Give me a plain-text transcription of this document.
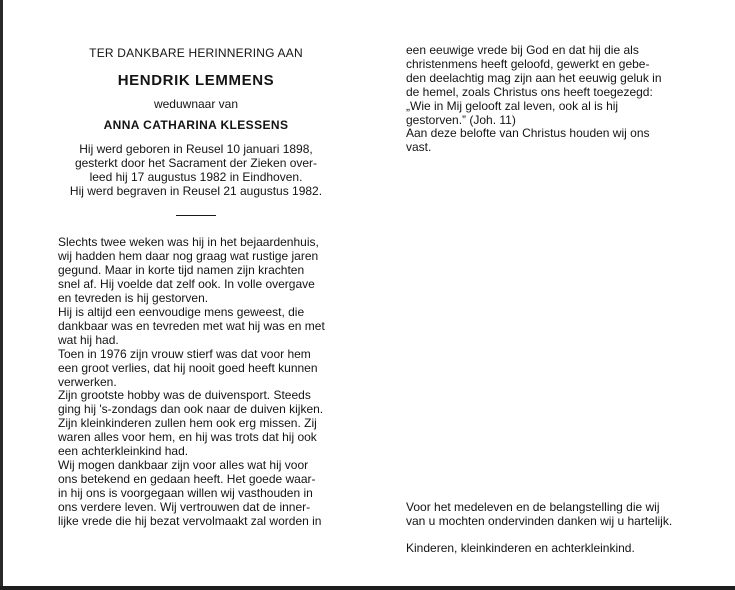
TER DANKBARE HERINNERING AAN
HENDRIK LEMMENS
weduwnaar van
ANNA CATHARINA KLESSENS
Hij werd geboren in Reusel 10 januari 1898,
gesterkt door het Sacrament der Zieken over-
leed hij 17 augustus 1982 in Eindhoven.
Hij werd begraven in Reusel 21 augustus 1982.
Slechts twee weken was hij in het bejaardenhuis,
wij hadden hem daar nog graag wat rustige jaren
gegund. Maar in korte tijd namen zijn krachten
snel af. Hij voelde dat zelf ook. In volle overgave
en tevreden is hij gestorven.
Hij is altijd een eenvoudige mens geweest, die
dankbaar was en tevreden met wat hij was en met
wat hij had.
Toen in 1976 zijn vrouw stierf was dat voor hem
een groot verlies, dat hij nooit goed heeft kunnen
verwerken.
Zijn grootste hobby was de duivensport. Steeds
ging hij 's-zondags dan ook naar de duiven kijken.
Zijn kleinkinderen zullen hem ook erg missen. Zij
waren alles voor hem, en hij was trots dat hij ook
een achterkleinkind had.
Wij mogen dankbaar zijn voor alles wat hij voor
ons betekend en gedaan heeft. Het goede waar-
in hij ons is voorgegaan willen wij vasthouden in
ons verdere leven. Wij vertrouwen dat de inner-
lijke vrede die hij bezat vervolmaakt zal worden in
een eeuwige vrede bij God en dat hij die als
christenmens heeft geloofd, gewerkt en gebe-
den deelachtig mag zijn aan het eeuwig geluk in
de hemel, zoals Christus ons heeft toegezegd:
„Wie in Mij gelooft zal leven, ook al is hij
gestorven.” (Joh. 11)
Aan deze belofte van Christus houden wij ons
vast.
Voor het medeleven en de belangstelling die wij
van u mochten ondervinden danken wij u hartelijk.
Kinderen, kleinkinderen en achterkleinkind.
